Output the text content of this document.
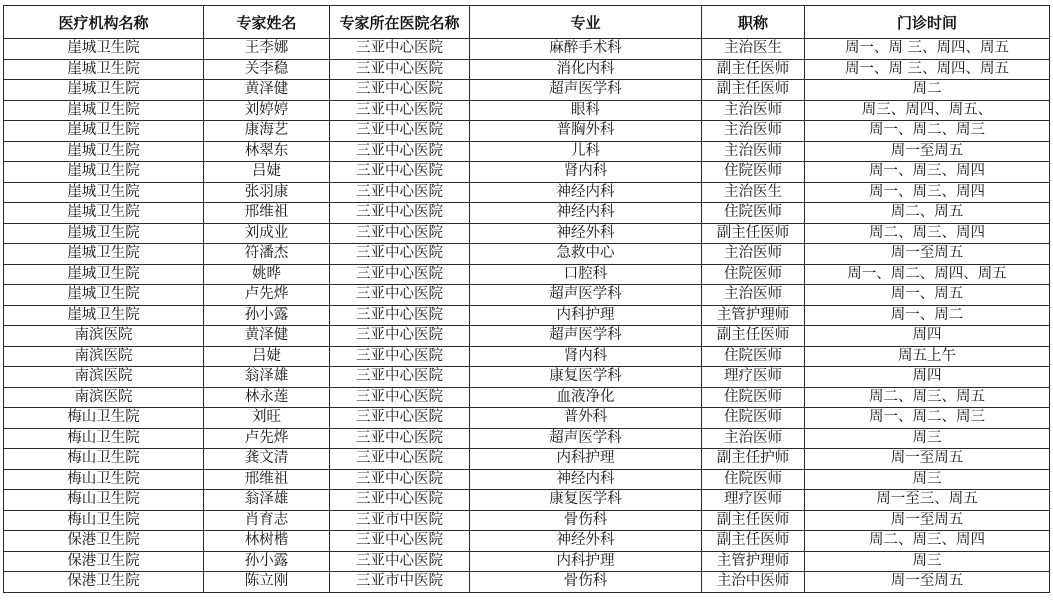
医疗机构名称	专家姓名	专家所在医院名称	专业	职称	门诊时间
崖城卫生院	王李娜	三亚中心医院	麻醉手术科	主治医生	周一、周 三、周四、周五
崖城卫生院	关李稳	三亚中心医院	消化内科	副主任医师	周一、周 三、周四、周五
崖城卫生院	黄泽健	三亚中心医院	超声医学科	副主任医师	周二
崖城卫生院	刘婷婷	三亚中心医院	眼科	主治医师	周三、周四、周五、
崖城卫生院	康海艺	三亚中心医院	普胸外科	主治医师	周一、周二、周三
崖城卫生院	林翠东	三亚中心医院	儿科	主治医师	周一至周五
崖城卫生院	吕婕	三亚中心医院	肾内科	住院医师	周一、周三、周四
崖城卫生院	张羽康	三亚中心医院	神经内科	主治医生	周一、周三、周四
崖城卫生院	邢维祖	三亚中心医院	神经内科	住院医师	周二、周五
崖城卫生院	刘成业	三亚中心医院	神经外科	副主任医师	周二、周三、周四
崖城卫生院	符潘杰	三亚中心医院	急救中心	主治医师	周一至周五
崖城卫生院	姚晔	三亚中心医院	口腔科	住院医师	周一、周二、周四、周五
崖城卫生院	卢先烨	三亚中心医院	超声医学科	主治医师	周一、周五
崖城卫生院	孙小露	三亚中心医院	内科护理	主管护理师	周一、周二
南滨医院	黄泽健	三亚中心医院	超声医学科	副主任医师	周四
南滨医院	吕婕	三亚中心医院	肾内科	住院医师	周五上午
南滨医院	翁泽雄	三亚中心医院	康复医学科	理疗医师	周四
南滨医院	林永莲	三亚中心医院	血液净化	住院医师	周二、周三、周五
梅山卫生院	刘旺	三亚中心医院	普外科	住院医师	周一、周二、周三
梅山卫生院	卢先烨	三亚中心医院	超声医学科	主治医师	周三
梅山卫生院	龚文清	三亚中心医院	内科护理	副主任护师	周一至周五
梅山卫生院	邢维祖	三亚中心医院	神经内科	住院医师	周三
梅山卫生院	翁泽雄	三亚中心医院	康复医学科	理疗医师	周一至三、周五
梅山卫生院	肖育志	三亚市中医院	骨伤科	副主任医师	周一至周五
保港卫生院	林树楷	三亚中心医院	神经外科	副主任医师	周二、周三、周四
保港卫生院	孙小露	三亚中心医院	内科护理	主管护理师	周三
保港卫生院	陈立刚	三亚市中医院	骨伤科	主治中医师	周一至周五
